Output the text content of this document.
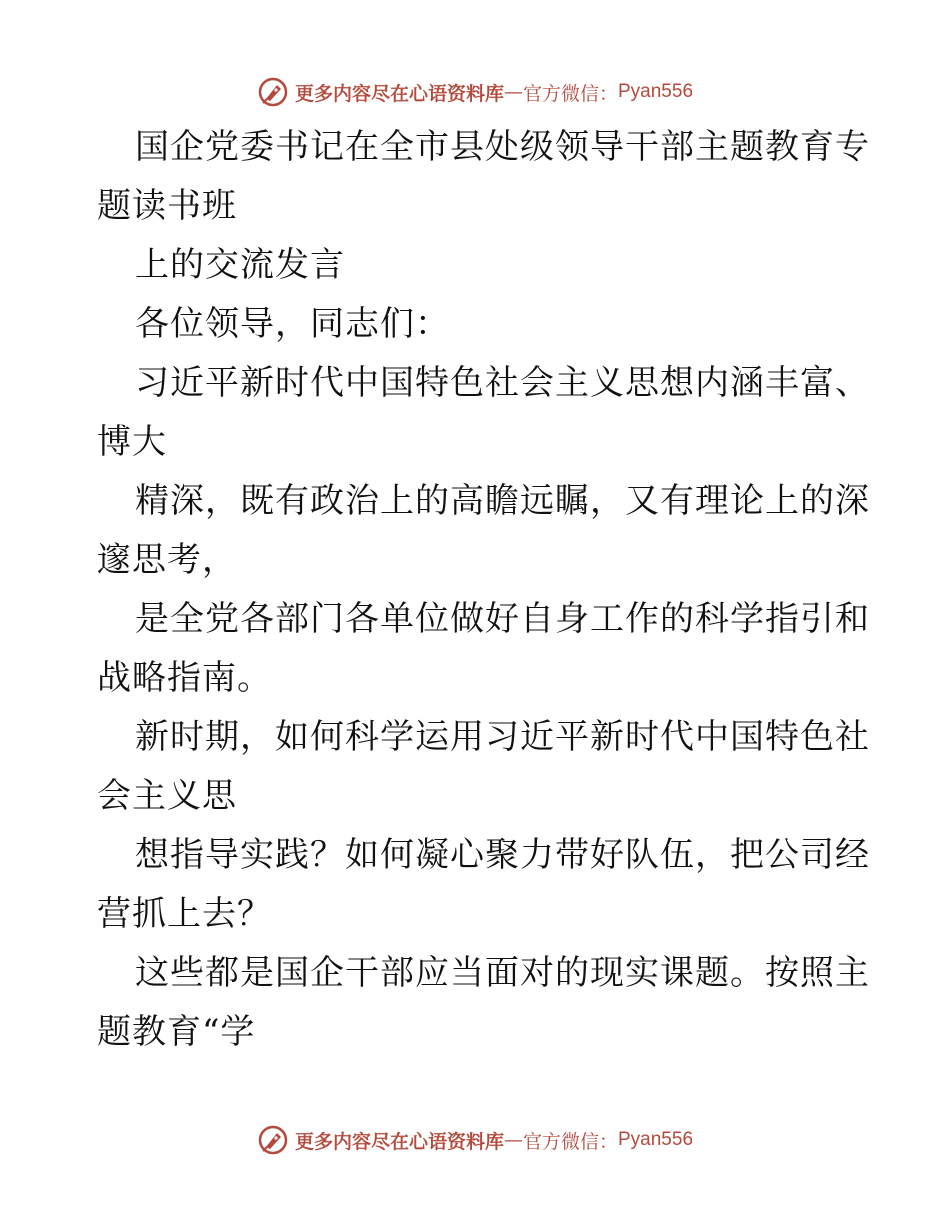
更多内容尽在心语资料库 — 官方微信： Pyan556
国企党委书记在全市县处级领导干部主题教育专
题读书班
上的交流发言
各位领导，同志们：
习近平新时代中国特色社会主义思想内涵丰富、
博大
精深，既有政治上的高瞻远瞩，又有理论上的深
邃思考，
是全党各部门各单位做好自身工作的科学指引和
战略指南。
新时期，如何科学运用习近平新时代中国特色社
会主义思
想指导实践？如何凝心聚力带好队伍，把公司经
营抓上去？
这些都是国企干部应当面对的现实课题。按照主
题教育“学
更多内容尽在心语资料库 — 官方微信： Pyan556
